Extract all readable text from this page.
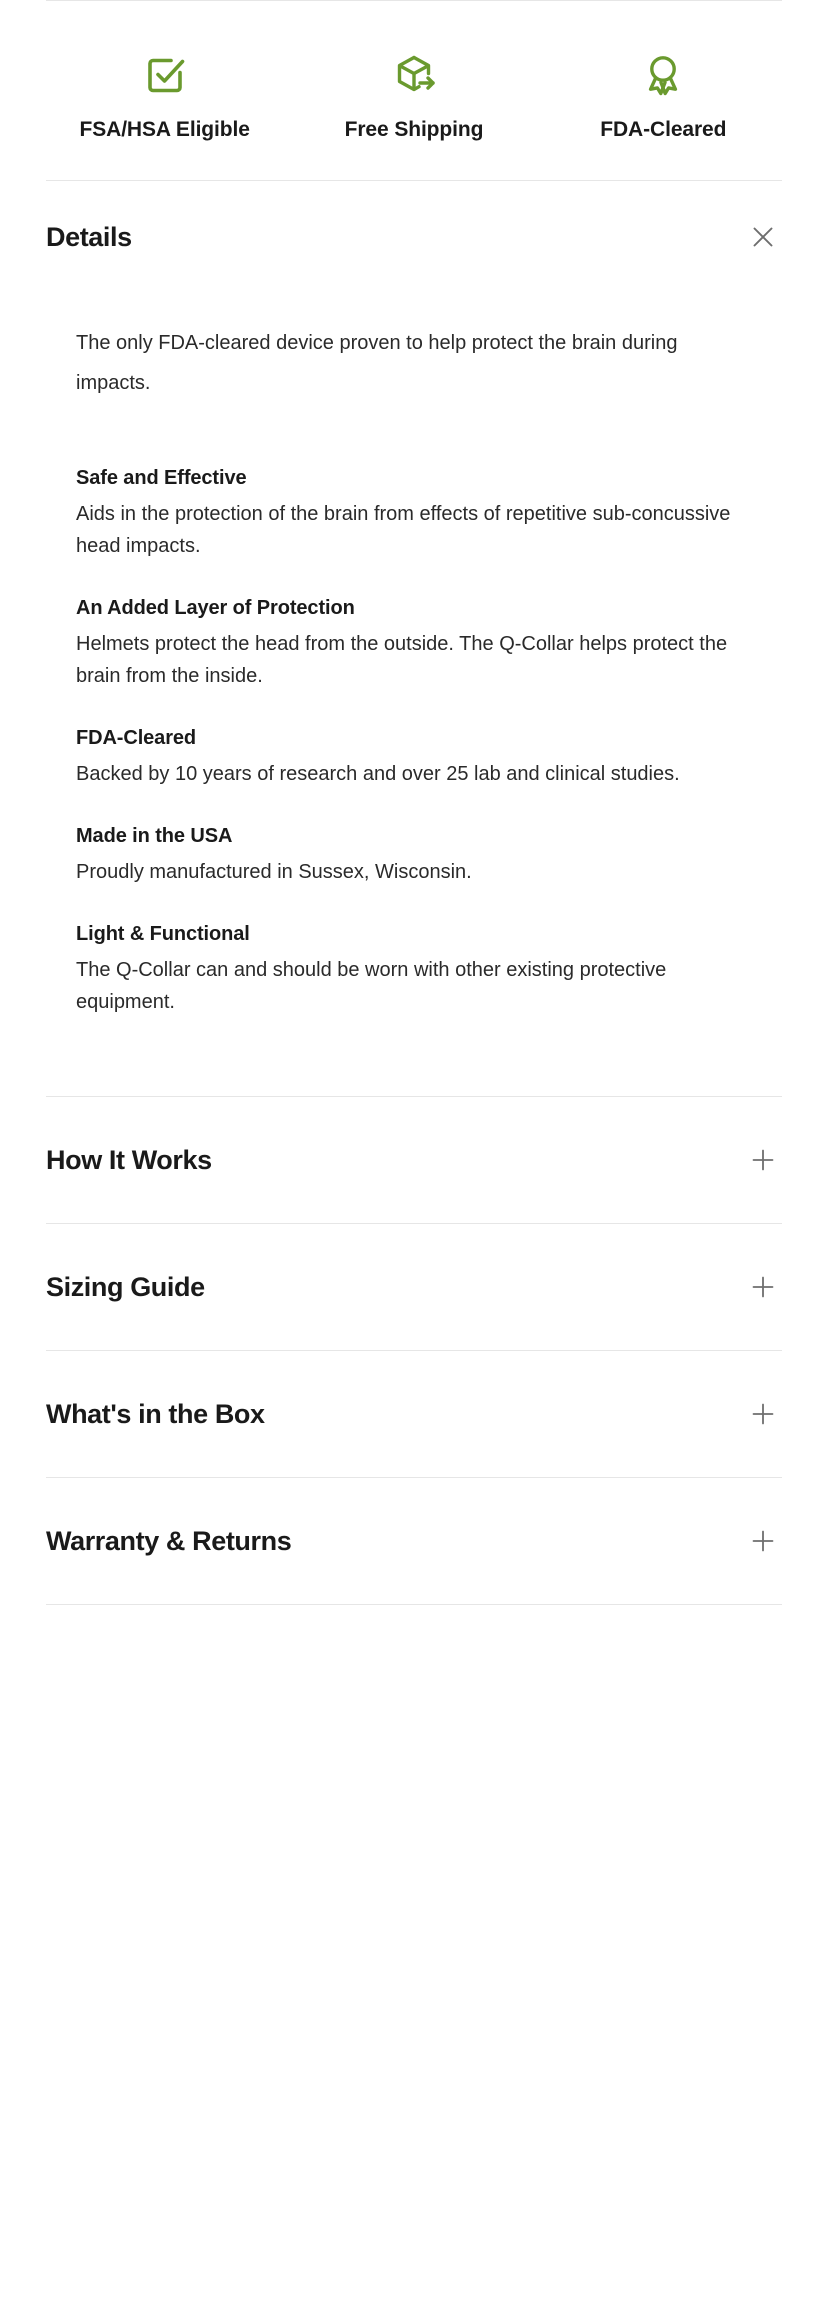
FSA/HSA Eligible	Free Shipping	FDA-Cleared
Details

The only FDA-cleared device proven to help protect the brain during impacts.

Safe and Effective
Aids in the protection of the brain from effects of repetitive sub-concussive head impacts.
An Added Layer of Protection
Helmets protect the head from the outside. The Q-Collar helps protect the brain from the inside.
FDA-Cleared
Backed by 10 years of research and over 25 lab and clinical studies.
Made in the USA
Proudly manufactured in Sussex, Wisconsin.
Light & Functional
The Q-Collar can and should be worn with other existing protective equipment.
How It Works
Sizing Guide
What's in the Box
Warranty & Returns
